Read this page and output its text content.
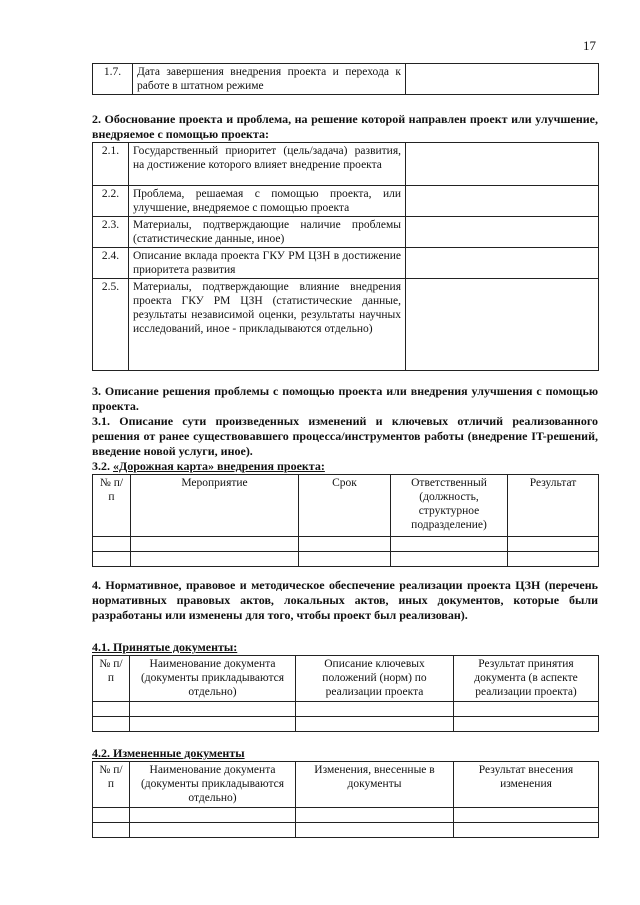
17
1.7.	Дата завершения внедрения проекта и перехода к работе в штатном режиме	
2. Обоснование проекта и проблема, на решение которой направлен проект или улучшение, внедряемое с помощью проекта:
2.1.	Государственный приоритет (цель/задача) развития, на достижение которого влияет внедрение проекта	
2.2.	Проблема, решаемая с помощью проекта, или улучшение, внедряемое с помощью проекта	
2.3.	Материалы, подтверждающие наличие проблемы (статистические данные, иное)	
2.4.	Описание вклада проекта ГКУ РМ ЦЗН в достижение приоритета развития	
2.5.	Материалы, подтверждающие влияние внедрения проекта ГКУ РМ ЦЗН (статистические данные, результаты независимой оценки, результаты научных исследований, иное - прикладываются отдельно)	
3. Описание решения проблемы с помощью проекта или внедрения улучшения с помощью проекта.
3.1. Описание сути произведенных изменений и ключевых отличий реализованного решения от ранее существовавшего процесса/инструментов работы (внедрение IT-решений, введение новой услуги, иное).
3.2. «Дорожная карта» внедрения проекта:
№ п/п	Мероприятие	Срок	Ответственный (должность, структурное подразделение)	Результат

4. Нормативное, правовое и методическое обеспечение реализации проекта ЦЗН (перечень нормативных правовых актов, локальных актов, иных документов, которые были разработаны или изменены для того, чтобы проект был реализован).
4.1. Принятые документы:
№ п/п	Наименование документа (документы прикладываются отдельно)	Описание ключевых положений (норм) по реализации проекта	Результат принятия документа (в аспекте реализации проекта)

4.2. Измененные документы
№ п/п	Наименование документа (документы прикладываются отдельно)	Изменения, внесенные в документы	Результат внесения изменения
